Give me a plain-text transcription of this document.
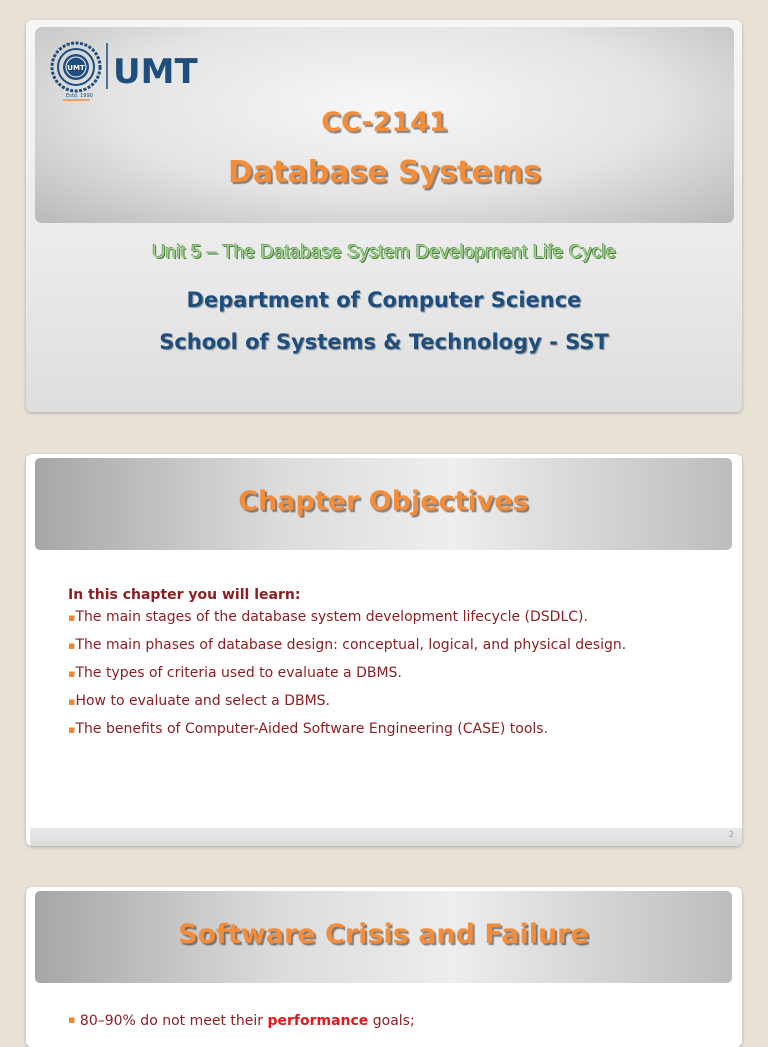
UMT UMT
Estd. 1990
CC-2141
Database Systems
Unit 5 – The Database System Development Life Cycle
Department of Computer Science
School of Systems & Technology - SST
Chapter Objectives
In this chapter you will learn:
▪The main stages of the database system development lifecycle (DSDLC).
▪The main phases of database design: conceptual, logical, and physical design.
▪The types of criteria used to evaluate a DBMS.
▪How to evaluate and select a DBMS.
▪The benefits of Computer-Aided Software Engineering (CASE) tools.
2
Software Crisis and Failure
▪ 80–90% do not meet their performance goals;
